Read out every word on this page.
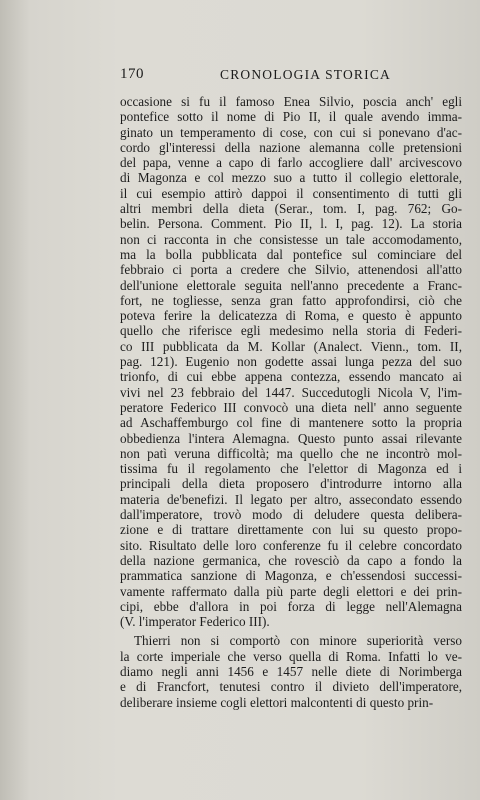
170	CRONOLOGIA STORICA
occasione si fu il famoso Enea Silvio, poscia anch' egli
pontefice sotto il nome di Pio II, il quale avendo imma-
ginato un temperamento di cose, con cui si ponevano d'ac-
cordo gl'interessi della nazione alemanna colle pretensioni
del papa, venne a capo di farlo accogliere dall' arcivescovo
di Magonza e col mezzo suo a tutto il collegio elettorale,
il cui esempio attirò dappoi il consentimento di tutti gli
altri membri della dieta (Serar., tom. I, pag. 762; Go-
belin. Persona. Comment. Pio II, l. I, pag. 12). La storia
non ci racconta in che consistesse un tale accomodamento,
ma la bolla pubblicata dal pontefice sul cominciare del
febbraio ci porta a credere che Silvio, attenendosi all'atto
dell'unione elettorale seguita nell'anno precedente a Franc-
fort, ne togliesse, senza gran fatto approfondirsi, ciò che
poteva ferire la delicatezza di Roma, e questo è appunto
quello che riferisce egli medesimo nella storia di Federi-
co III pubblicata da M. Kollar (Analect. Vienn., tom. II,
pag. 121). Eugenio non godette assai lunga pezza del suo
trionfo, di cui ebbe appena contezza, essendo mancato ai
vivi nel 23 febbraio del 1447. Succedutogli Nicola V, l'im-
peratore Federico III convocò una dieta nell' anno seguente
ad Aschaffemburgo col fine di mantenere sotto la propria
obbedienza l'intera Alemagna. Questo punto assai rilevante
non patì veruna difficoltà; ma quello che ne incontrò mol-
tissima fu il regolamento che l'elettor di Magonza ed i
principali della dieta proposero d'introdurre intorno alla
materia de'benefizi. Il legato per altro, assecondato essendo
dall'imperatore, trovò modo di deludere questa delibera-
zione e di trattare direttamente con lui su questo propo-
sito. Risultato delle loro conferenze fu il celebre concordato
della nazione germanica, che rovesciò da capo a fondo la
prammatica sanzione di Magonza, e ch'essendosi successi-
vamente raffermato dalla più parte degli elettori e dei prin-
cipi, ebbe d'allora in poi forza di legge nell'Alemagna
(V. l'imperator Federico III).
Thierri non si comportò con minore superiorità verso
la corte imperiale che verso quella di Roma. Infatti lo ve-
diamo negli anni 1456 e 1457 nelle diete di Norimberga
e di Francfort, tenutesi contro il divieto dell'imperatore,
deliberare insieme cogli elettori malcontenti di questo prin-
